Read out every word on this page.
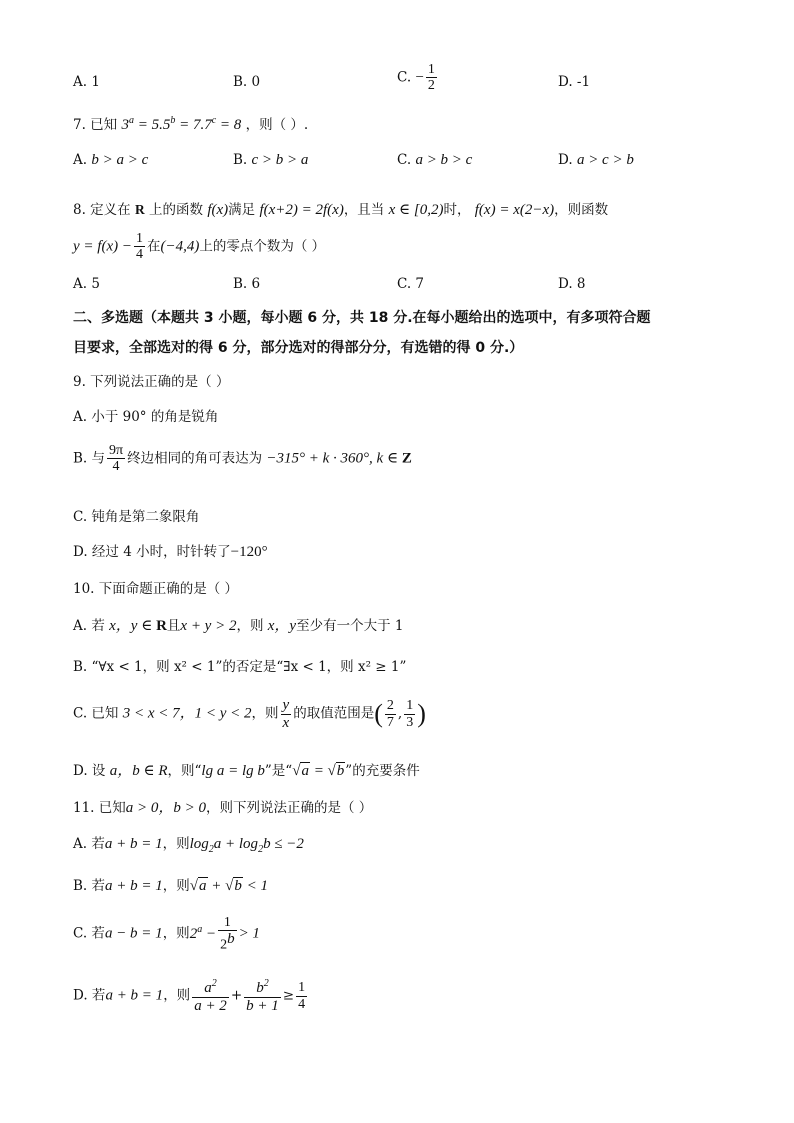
A. 1	B. 0	C. − $\frac{1}{2}$	D. -1
7. 已知 $3^a = 5.5^b = 7.7^c = 8$ ，则（ ）.
A. b > a > c	B. c > b > a	C. a > b > c	D. a > c > b
8. 定义在 R 上的函数 f(x)满足 f(x+2) = 2f(x)，且当 x ∈ [0,2)时， f(x) = x(2−x)，则函数
$y = f(x) - \frac{1}{4}$ 在(−4,4)上的零点个数为（ ）
A. 5	B. 6	C. 7	D. 8
二、多选题（本题共 3 小题，每小题 6 分，共 18 分.在每小题给出的选项中，有多项符合题
目要求，全部选对的得 6 分，部分选对的得部分分，有选错的得 0 分.）
9. 下列说法正确的是（ ）
A. 小于 90° 的角是锐角
B. 与 $\frac{9\pi}{4}$ 终边相同的角可表达为 −315° + k · 360°, k ∈ Z
C. 钝角是第二象限角
D. 经过 4 小时，时针转了−120°
10. 下面命题正确的是（ ）
A. 若 x，y ∈ R且x + y > 2，则 x，y至少有一个大于 1
B. “∀x < 1，则 x² < 1”的否定是“∃x < 1，则 x² ≥ 1”
C. 已知 3 < x < 7，1 < y < 2，则 $\frac{y}{x}$ 的取值范围是( $\frac{2}{7}$ , $\frac{1}{3}$ )
D. 设 a，b ∈ R，则“lg a = lg b”是“√a = √b”的充要条件
11. 已知a > 0，b > 0，则下列说法正确的是（ ）
A. 若a + b = 1，则$\log_2a + \log_2b \le -2$
B. 若a + b = 1，则√a + √b < 1
C. 若a − b = 1，则$2^a - \frac{1}{2^b} > 1$
D. 若a + b = 1，则 $\frac{a^2}{a + 2} + \frac{b^2}{b + 1} \ge \frac{1}{4}$
